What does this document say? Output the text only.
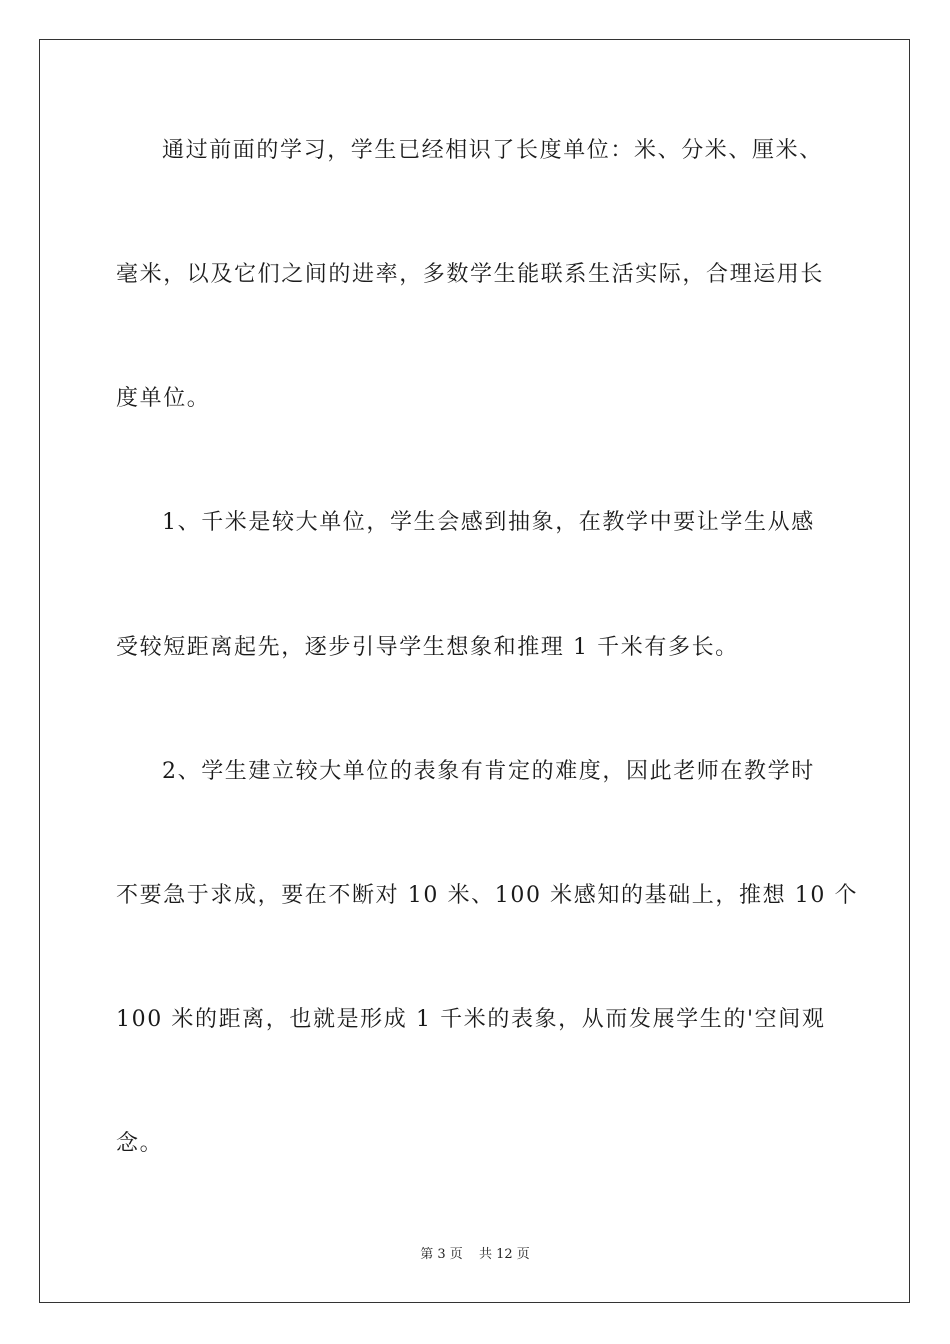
通过前面的学习，学生已经相识了长度单位：米、分米、厘米、
毫米，以及它们之间的进率，多数学生能联系生活实际，合理运用长
度单位。
1、千米是较大单位，学生会感到抽象，在教学中要让学生从感
受较短距离起先，逐步引导学生想象和推理 1 千米有多长。
2、学生建立较大单位的表象有肯定的难度，因此老师在教学时
不要急于求成，要在不断对 10 米、100 米感知的基础上，推想 10 个
100 米的距离，也就是形成 1 千米的表象，从而发展学生的'空间观
念。
第 3 页 共 12 页
